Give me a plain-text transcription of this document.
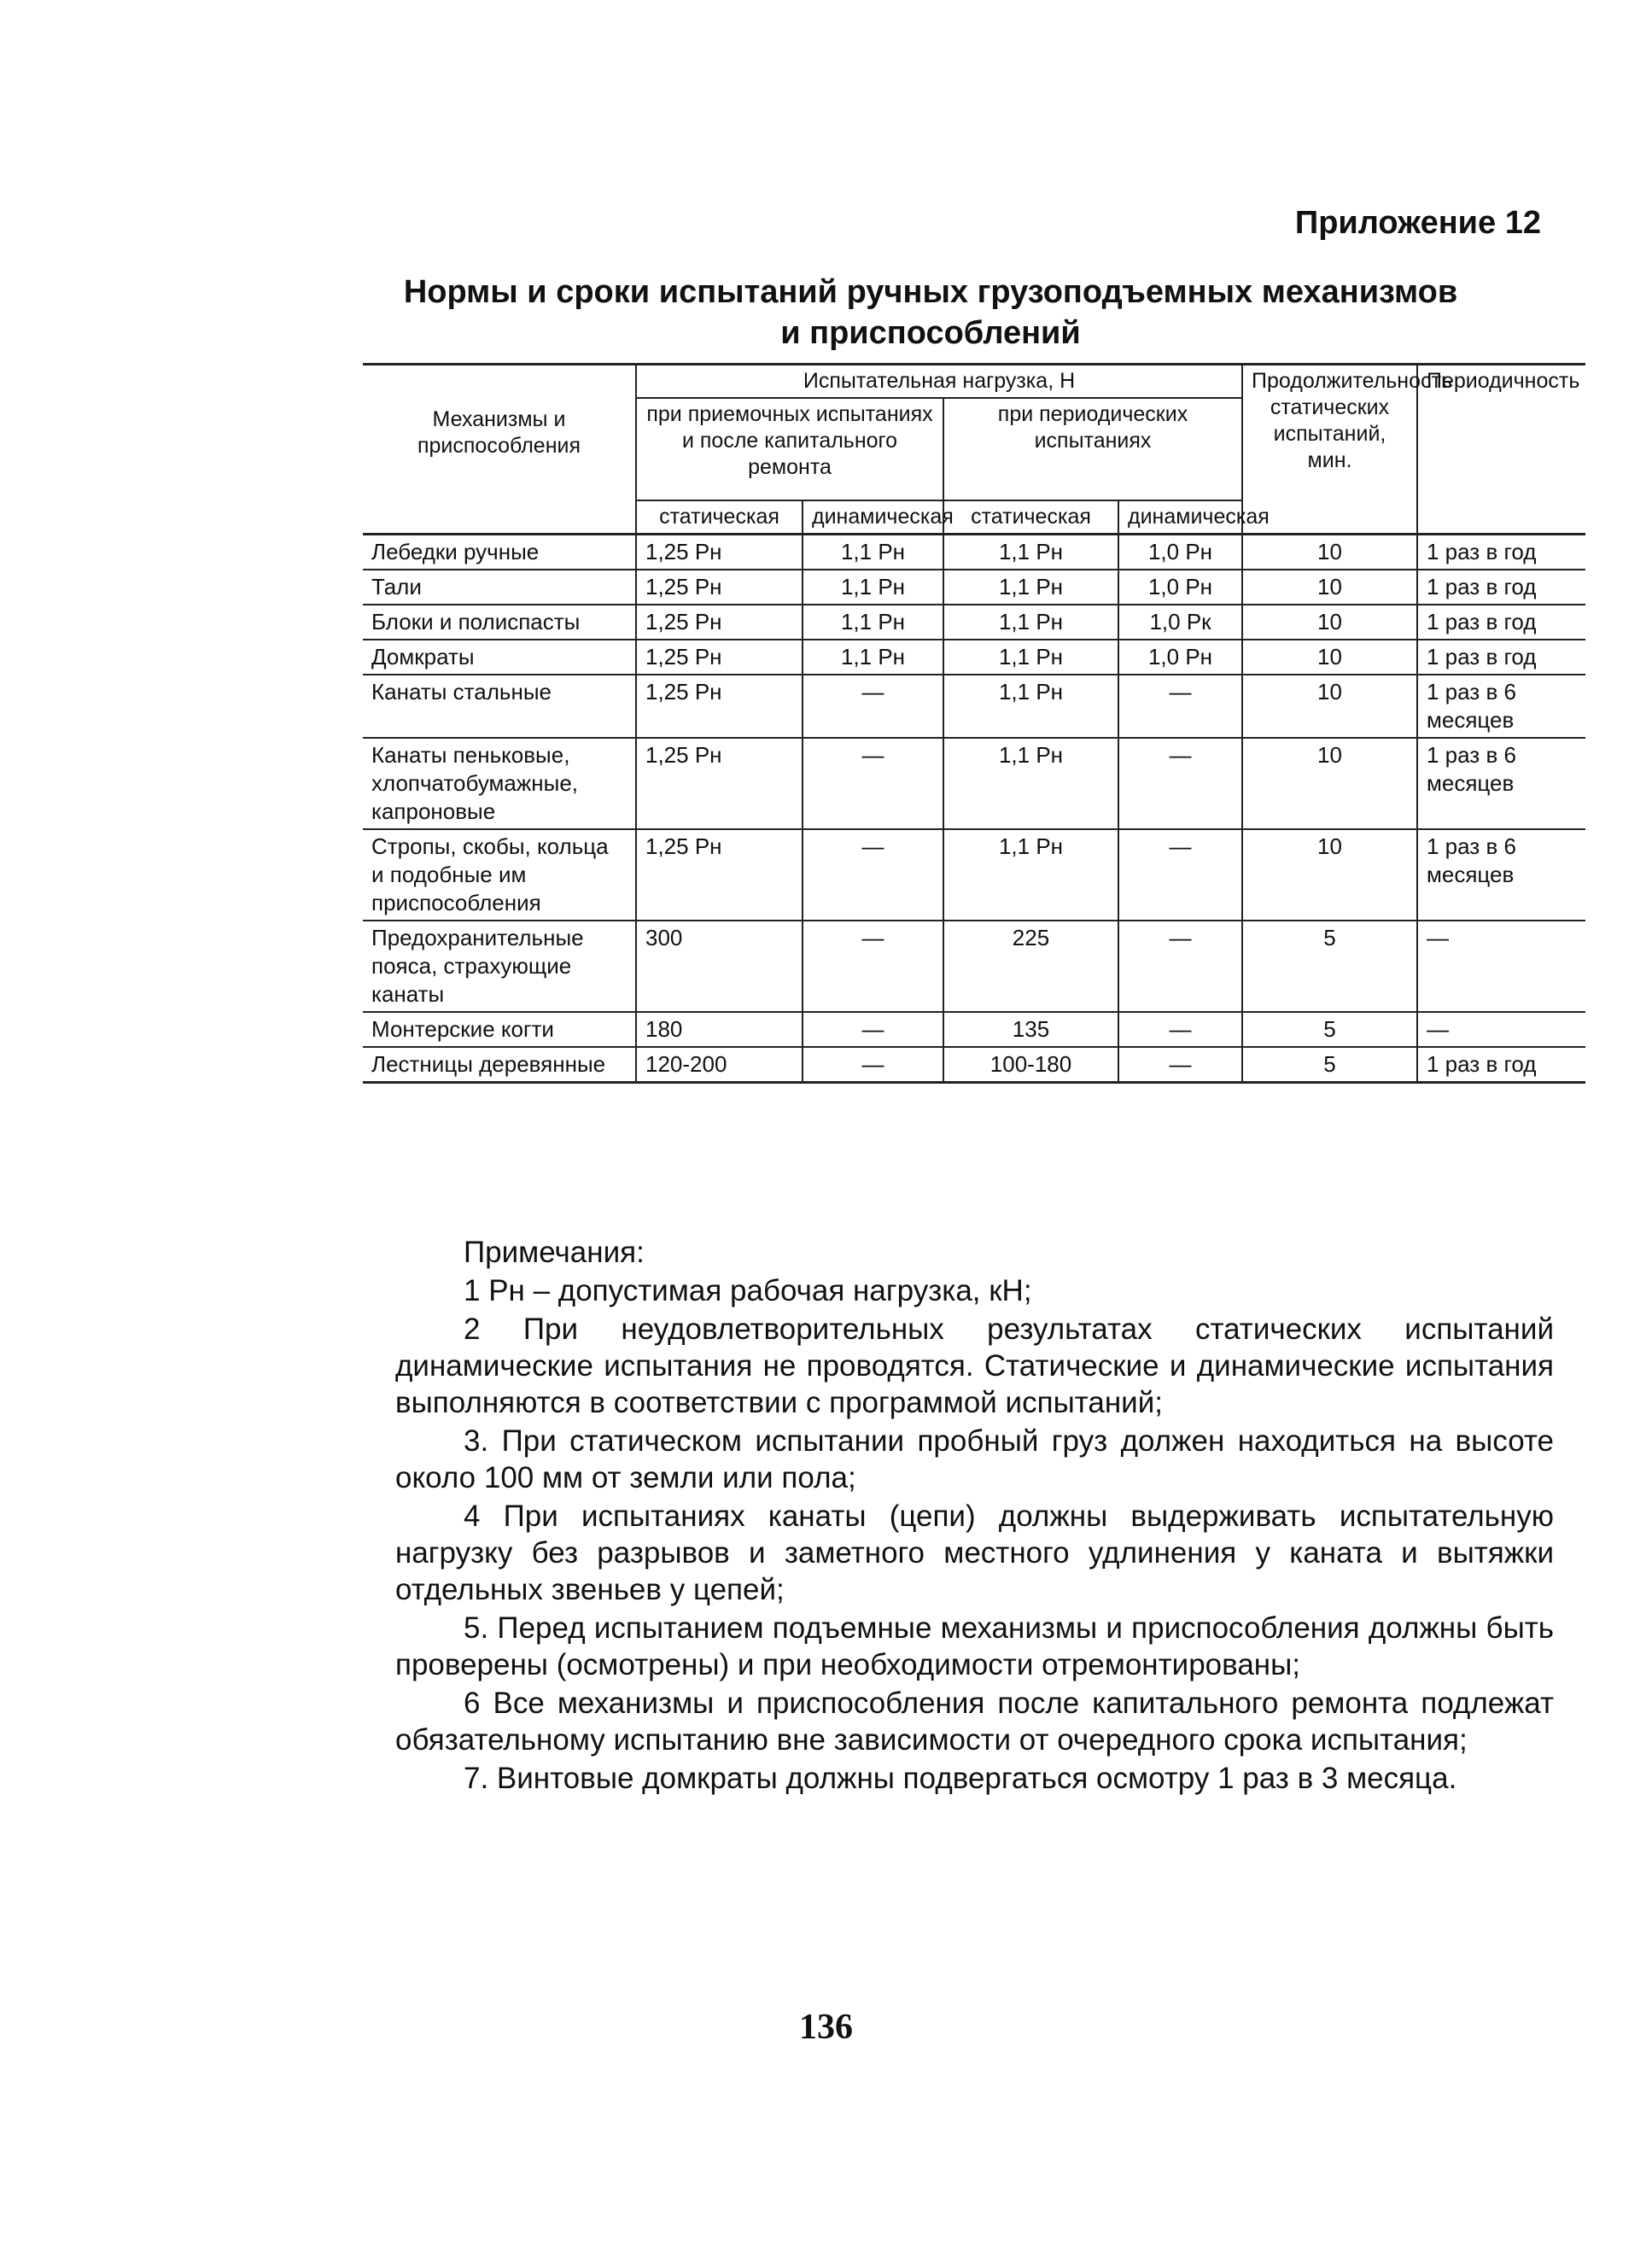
Приложение 12
Нормы и сроки испытаний ручных грузоподъемных механизмов
и приспособлений
Механизмы и приспособления	Испытательная нагрузка, Н				Продолжительность статических испытаний, мин.	Периодичность
	при приемочных испытаниях и после капитального ремонта		при периодических испытаниях			
	статическая	динамическая	статическая	динамическая		
Лебедки ручные	1,25 Рн	1,1 Рн	1,1 Рн	1,0 Рн	10	1 раз в год
Тали	1,25 Рн	1,1 Рн	1,1 Рн	1,0 Рн	10	1 раз в год
Блоки и полиспасты	1,25 Рн	1,1 Рн	1,1 Рн	1,0 Рк	10	1 раз в год
Домкраты	1,25 Рн	1,1 Рн	1,1 Рн	1,0 Рн	10	1 раз в год
Канаты стальные	1,25 Рн	—	1,1 Рн	—	10	1 раз в 6 месяцев
Канаты пеньковые, хлопчатобумажные, капроновые	1,25 Рн	—	1,1 Рн	—	10	1 раз в 6 месяцев
Стропы, скобы, кольца и подобные им приспособления	1,25 Рн	—	1,1 Рн	—	10	1 раз в 6 месяцев
Предохранительные пояса, страхующие канаты	300	—	225	—	5	—
Монтерские когти	180	—	135	—	5	—
Лестницы деревянные	120-200	—	100-180	—	5	1 раз в год

Примечания:

1 Рн – допустимая рабочая нагрузка, кН;

2 При неудовлетворительных результатах статических испытаний динамические испытания не проводятся. Статические и динамические испытания выполняются в соответствии с программой испытаний;

3. При статическом испытании пробный груз должен находиться на высоте около 100 мм от земли или пола;

4 При испытаниях канаты (цепи) должны выдерживать испытательную нагрузку без разрывов и заметного местного удлинения у каната и вытяжки отдельных звеньев у цепей;

5. Перед испытанием подъемные механизмы и приспособления должны быть проверены (осмотрены) и при необходимости отремонтированы;

6 Все механизмы и приспособления после капитального ремонта подлежат обязательному испытанию вне зависимости от очередного срока испытания;

7. Винтовые домкраты должны подвергаться осмотру 1 раз в 3 месяца.

136
